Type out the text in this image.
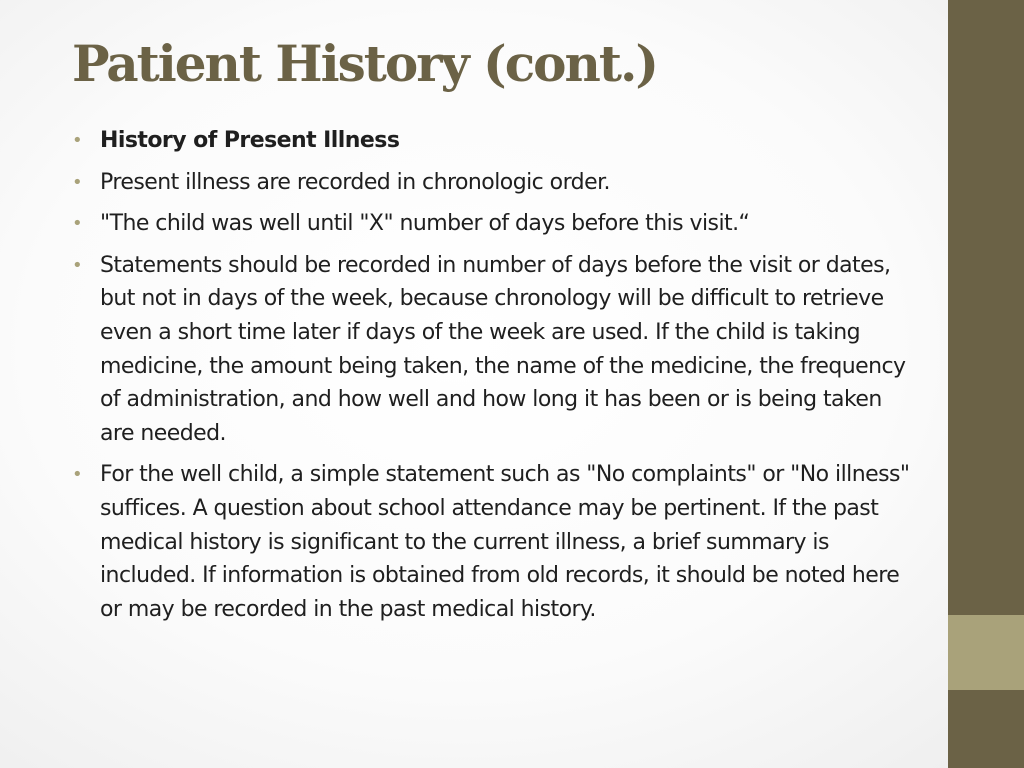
Patient History (cont.)
• History of Present Illness
• Present illness are recorded in chronologic order.
• "The child was well until "X" number of days before this visit.“
• Statements should be recorded in number of days before the visit or dates, but not in days of the week, because chronology will be difficult to retrieve even a short time later if days of the week are used. If the child is taking medicine, the amount being taken, the name of the medicine, the frequency of administration, and how well and how long it has been or is being taken are needed.
• For the well child, a simple statement such as "No complaints" or "No illness" suffices. A question about school attendance may be pertinent. If the past medical history is significant to the current illness, a brief summary is included. If information is obtained from old records, it should be noted here or may be recorded in the past medical history.
